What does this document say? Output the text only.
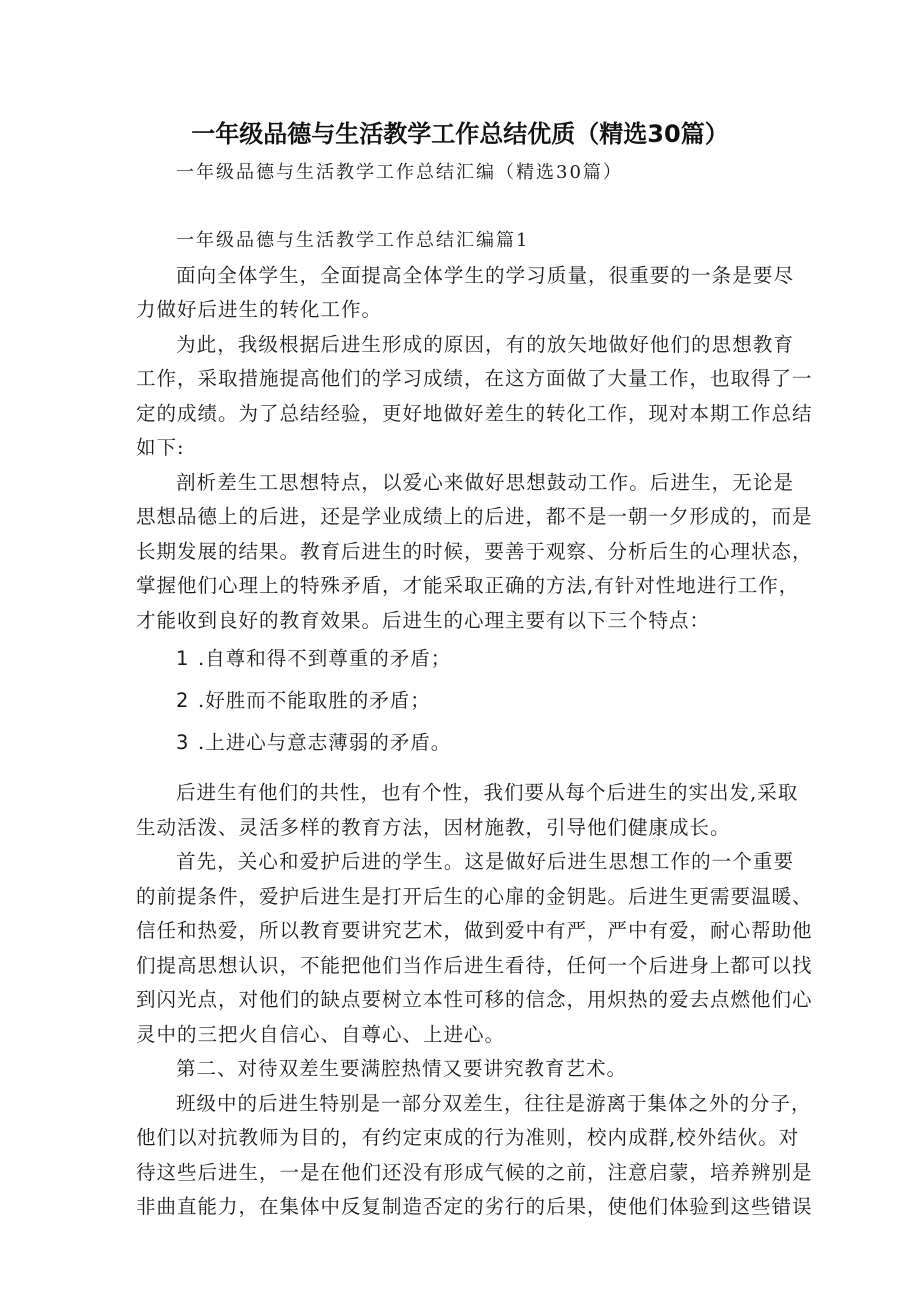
一年级品德与生活教学工作总结优质（精选30篇）
一年级品德与生活教学工作总结汇编（精选30篇）
一年级品德与生活教学工作总结汇编篇1
面向全体学生，全面提高全体学生的学习质量，很重要的一条是要尽
力做好后进生的转化工作。
为此，我级根据后进生形成的原因，有的放矢地做好他们的思想教育
工作，采取措施提高他们的学习成绩，在这方面做了大量工作，也取得了一
定的成绩。为了总结经验，更好地做好差生的转化工作，现对本期工作总结
如下:
剖析差生工思想特点，以爱心来做好思想鼓动工作。后进生，无论是
思想品德上的后进，还是学业成绩上的后进，都不是一朝一夕形成的，而是
长期发展的结果。教育后进生的时候，要善于观察、分析后生的心理状态，
掌握他们心理上的特殊矛盾，才能采取正确的方法,有针对性地进行工作，
才能收到良好的教育效果。后进生的心理主要有以下三个特点：
1 .自尊和得不到尊重的矛盾；
2 .好胜而不能取胜的矛盾；
3 .上进心与意志薄弱的矛盾。
后进生有他们的共性，也有个性，我们要从每个后进生的实出发,采取
生动活泼、灵活多样的教育方法，因材施教，引导他们健康成长。
首先，关心和爱护后进的学生。这是做好后进生思想工作的一个重要
的前提条件，爱护后进生是打开后生的心扉的金钥匙。后进生更需要温暖、
信任和热爱，所以教育要讲究艺术，做到爱中有严，严中有爱，耐心帮助他
们提高思想认识，不能把他们当作后进生看待，任何一个后进身上都可以找
到闪光点，对他们的缺点要树立本性可移的信念，用炽热的爱去点燃他们心
灵中的三把火自信心、自尊心、上进心。
第二、对待双差生要满腔热情又要讲究教育艺术。
班级中的后进生特别是一部分双差生，往往是游离于集体之外的分子，
他们以对抗教师为目的，有约定束成的行为准则，校内成群,校外结伙。对
待这些后进生，一是在他们还没有形成气候的之前，注意启蒙，培养辨别是
非曲直能力，在集体中反复制造否定的劣行的后果，使他们体验到这些错误
